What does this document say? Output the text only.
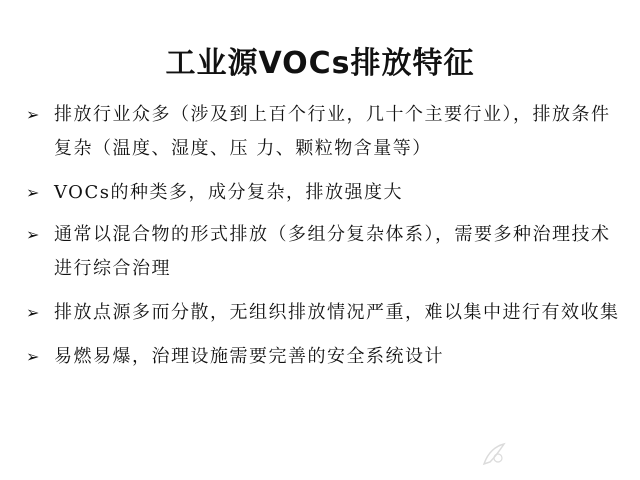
工业源VOCs排放特征
➢ 排放行业众多（涉及到上百个行业，几十个主要行业），排放条件复杂（温度、湿度、压 力、颗粒物含量等）
➢ VOCs的种类多，成分复杂，排放强度大
➢ 通常以混合物的形式排放（多组分复杂体系），需要多种治理技术进行综合治理
➢ 排放点源多而分散，无组织排放情况严重，难以集中进行有效收集
➢ 易燃易爆，治理设施需要完善的安全系统设计
